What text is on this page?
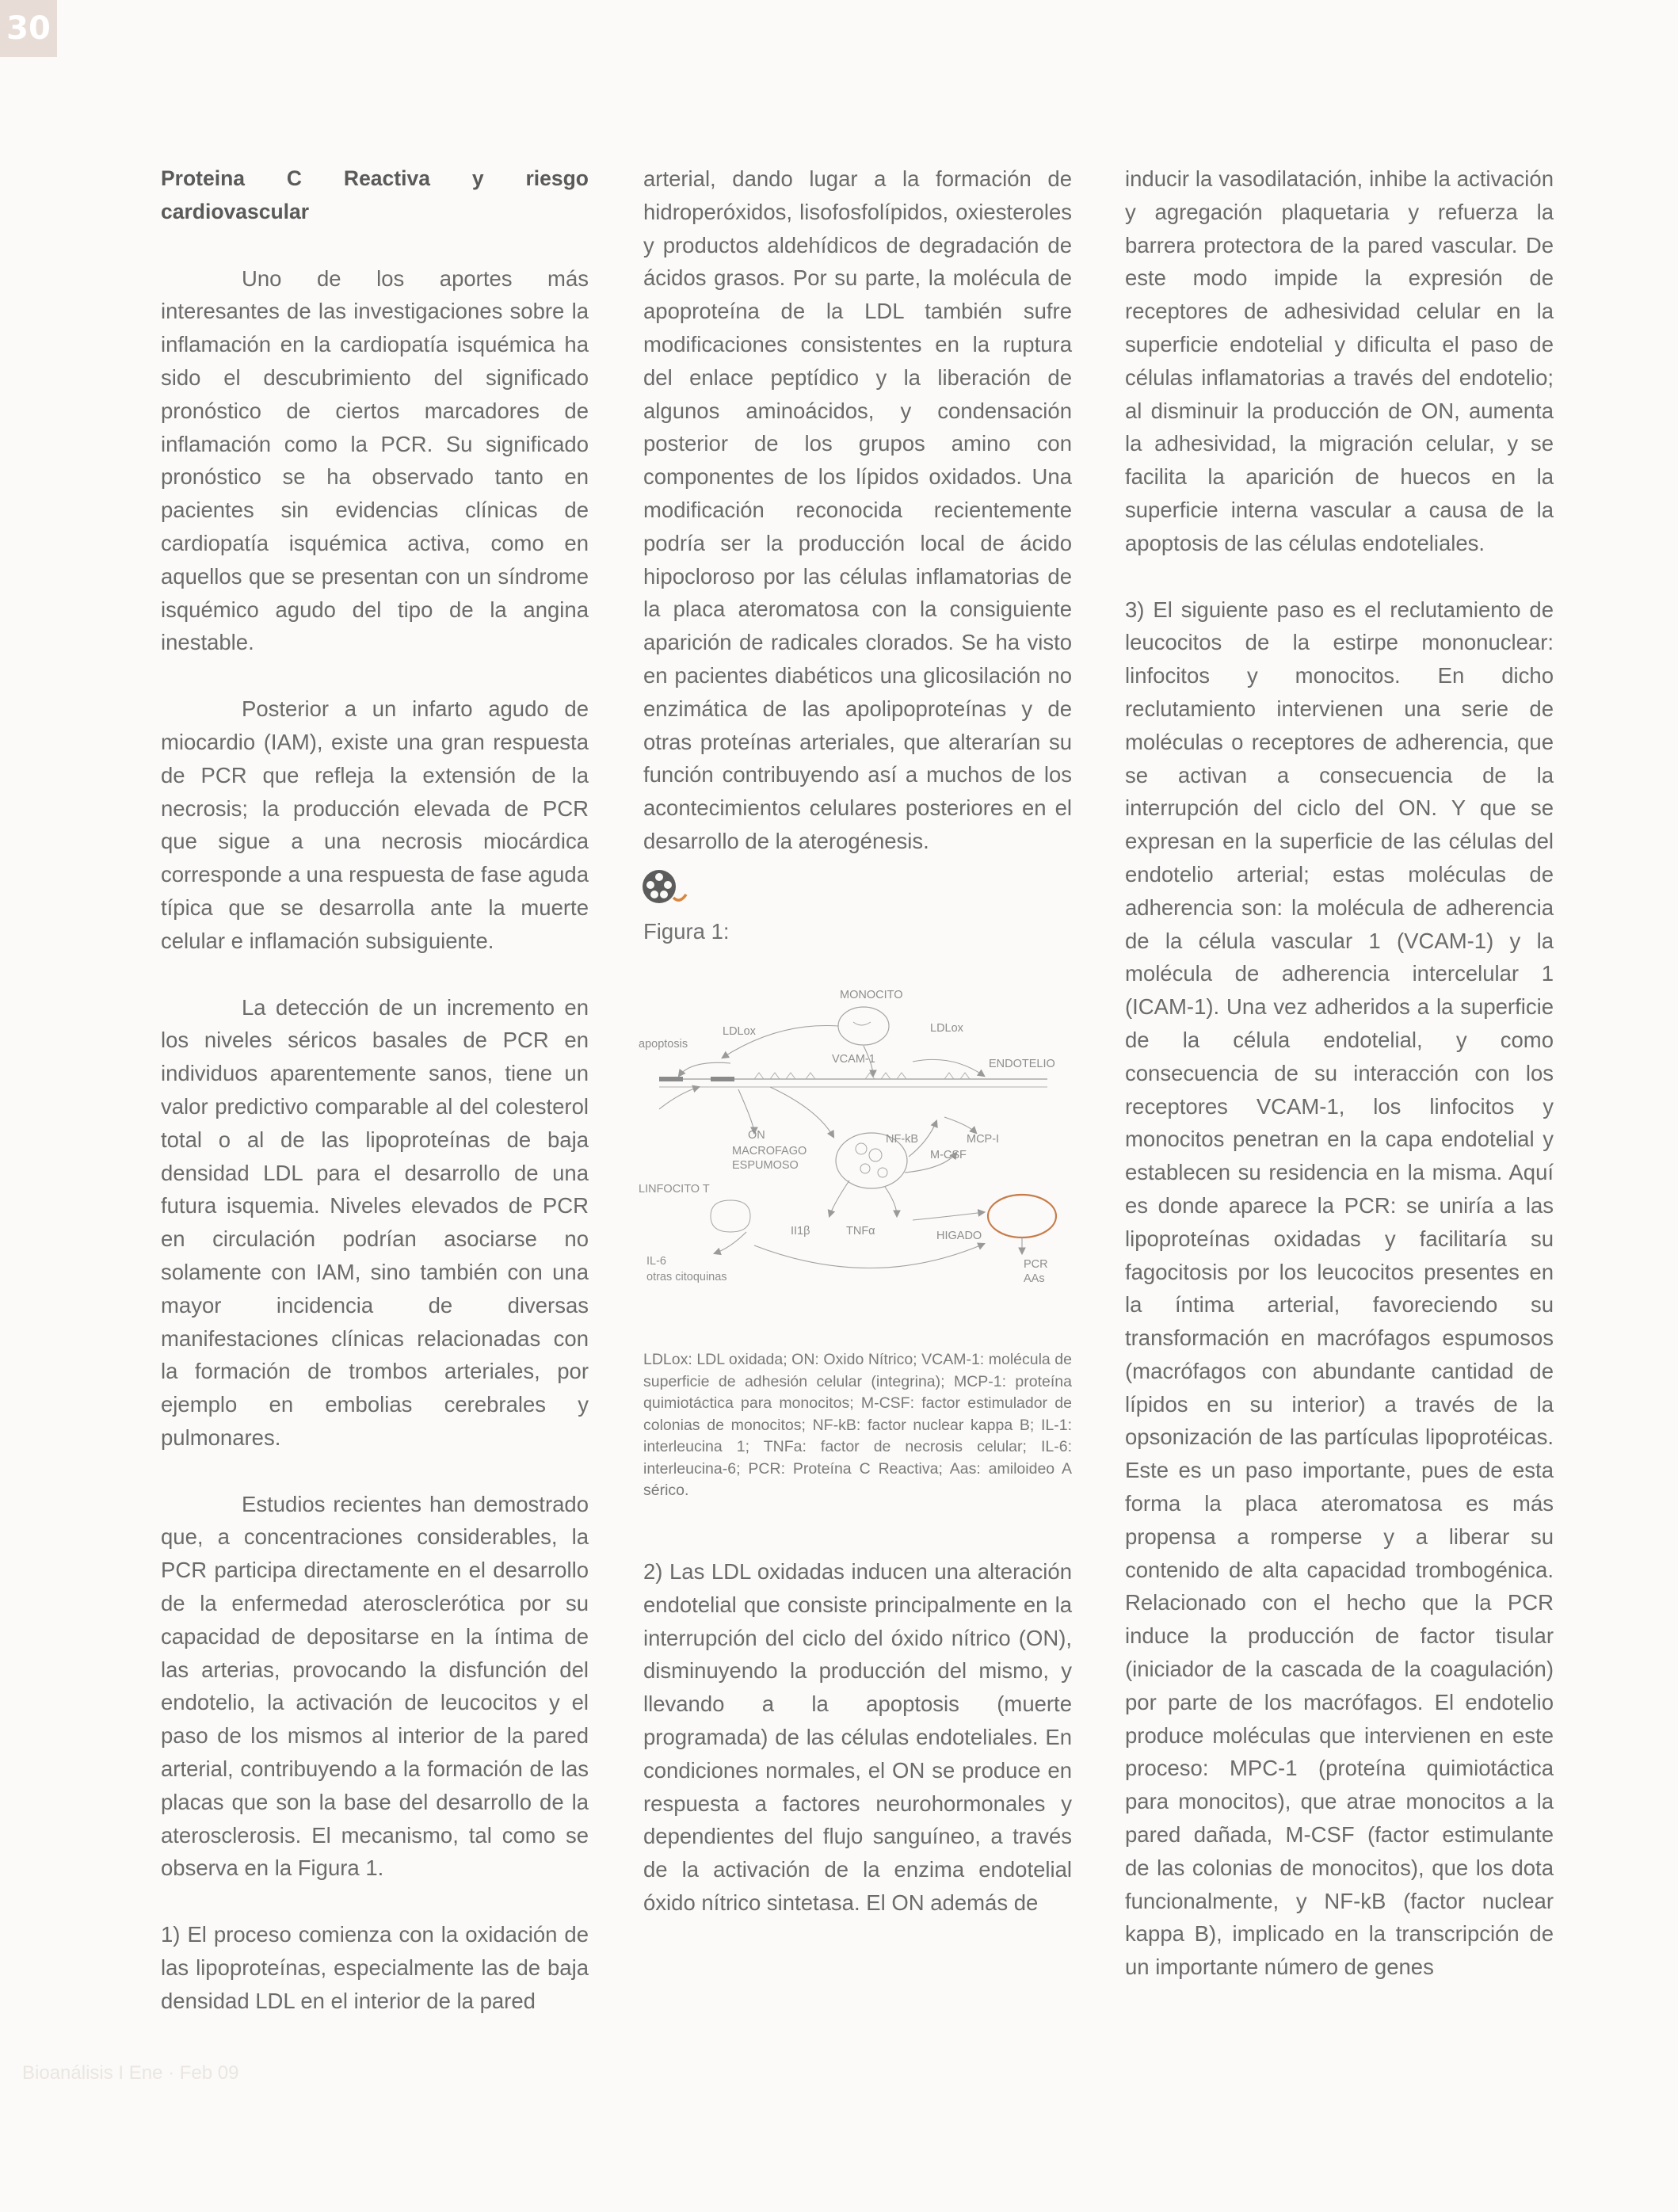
30
Proteina C Reactiva y riesgo cardiovascular

Uno de los aportes más interesantes de las investigaciones sobre la inflamación en la cardiopatía isquémica ha sido el descubrimiento del significado pronóstico de ciertos marcadores de inflamación como la PCR. Su significado pronóstico se ha observado tanto en pacientes sin evidencias clínicas de cardiopatía isquémica activa, como en aquellos que se presentan con un síndrome isquémico agudo del tipo de la angina inestable.

Posterior a un infarto agudo de miocardio (IAM), existe una gran respuesta de PCR que refleja la extensión de la necrosis; la producción elevada de PCR que sigue a una necrosis miocárdica corresponde a una respuesta de fase aguda típica que se desarrolla ante la muerte celular e inflamación subsiguiente.

La detección de un incremento en los niveles séricos basales de PCR en individuos aparentemente sanos, tiene un valor predictivo comparable al del colesterol total o al de las lipoproteínas de baja densidad LDL para el desarrollo de una futura isquemia. Niveles elevados de PCR en circulación podrían asociarse no solamente con IAM, sino también con una mayor incidencia de diversas manifestaciones clínicas relacionadas con la formación de trombos arteriales, por ejemplo en embolias cerebrales y pulmonares.

Estudios recientes han demostrado que, a concentraciones considerables, la PCR participa directamente en el desarrollo de la enfermedad aterosclerótica por su capacidad de depositarse en la íntima de las arterias, provocando la disfunción del endotelio, la activación de leucocitos y el paso de los mismos al interior de la pared arterial, contribuyendo a la formación de las placas que son la base del desarrollo de la aterosclerosis. El mecanismo, tal como se observa en la Figura 1.

1) El proceso comienza con la oxidación de las lipoproteínas, especialmente las de baja densidad LDL en el interior de la pared

arterial, dando lugar a la formación de hidroperóxidos, lisofosfolípidos, oxiesteroles y productos aldehídicos de degradación de ácidos grasos. Por su parte, la molécula de apoproteína de la LDL también sufre modificaciones consistentes en la ruptura del enlace peptídico y la liberación de algunos aminoácidos, y condensación posterior de los grupos amino con componentes de los lípidos oxidados. Una modificación reconocida recientemente podría ser la producción local de ácido hipocloroso por las células inflamatorias de la placa ateromatosa con la consiguiente aparición de radicales clorados. Se ha visto en pacientes diabéticos una glicosilación no enzimática de las apolipoproteínas y de otras proteínas arteriales, que alterarían su función contribuyendo así a muchos de los acontecimientos celulares posteriores en el desarrollo de la aterogénesis.

Figura 1:
MONOCITO
LDLox	LDLox
apoptosis
VCAM-1	ENDOTELIO
ON
MACROFAGO
ESPUMOSO
NF-kB	MCP-I
M-CSF
LINFOCITO T
II1β	TNFα	HIGADO
IL-6
otras citoquinas
PCR
AAs
LDLox: LDL oxidada; ON: Oxido Nítrico; VCAM-1: molécula de superficie de adhesión celular (integrina); MCP-1: proteína quimiotáctica para monocitos; M-CSF: factor estimulador de colonias de monocitos; NF-kB: factor nuclear kappa B; IL-1: interleucina 1; TNFa: factor de necrosis celular; IL-6: interleucina-6; PCR: Proteína C Reactiva; Aas: amiloideo A sérico.

2) Las LDL oxidadas inducen una alteración endotelial que consiste principalmente en la interrupción del ciclo del óxido nítrico (ON), disminuyendo la producción del mismo, y llevando a la apoptosis (muerte programada) de las células endoteliales. En condiciones normales, el ON se produce en respuesta a factores neurohormonales y dependientes del flujo sanguíneo, a través de la activación de la enzima endotelial óxido nítrico sintetasa. El ON además de

inducir la vasodilatación, inhibe la activación y agregación plaquetaria y refuerza la barrera protectora de la pared vascular. De este modo impide la expresión de receptores de adhesividad celular en la superficie endotelial y dificulta el paso de células inflamatorias a través del endotelio; al disminuir la producción de ON, aumenta la adhesividad, la migración celular, y se facilita la aparición de huecos en la superficie interna vascular a causa de la apoptosis de las células endoteliales.

3) El siguiente paso es el reclutamiento de leucocitos de la estirpe mononuclear: linfocitos y monocitos. En dicho reclutamiento intervienen una serie de moléculas o receptores de adherencia, que se activan a consecuencia de la interrupción del ciclo del ON. Y que se expresan en la superficie de las células del endotelio arterial; estas moléculas de adherencia son: la molécula de adherencia de la célula vascular 1 (VCAM-1) y la molécula de adherencia intercelular 1 (ICAM-1). Una vez adheridos a la superficie de la célula endotelial, y como consecuencia de su interacción con los receptores VCAM-1, los linfocitos y monocitos penetran en la capa endotelial y establecen su residencia en la misma. Aquí es donde aparece la PCR: se uniría a las lipoproteínas oxidadas y facilitaría su fagocitosis por los leucocitos presentes en la íntima arterial, favoreciendo su transformación en macrófagos espumosos (macrófagos con abundante cantidad de lípidos en su interior) a través de la opsonización de las partículas lipoprotéicas. Este es un paso importante, pues de esta forma la placa ateromatosa es más propensa a romperse y a liberar su contenido de alta capacidad trombogénica. Relacionado con el hecho que la PCR induce la producción de factor tisular (iniciador de la cascada de la coagulación) por parte de los macrófagos. El endotelio produce moléculas que intervienen en este proceso: MPC-1 (proteína quimiotáctica para monocitos), que atrae monocitos a la pared dañada, M-CSF (factor estimulante de las colonias de monocitos), que los dota funcionalmente, y NF-kB (factor nuclear kappa B), implicado en la transcripción de un importante número de genes

Bioanálisis I Ene · Feb 09
